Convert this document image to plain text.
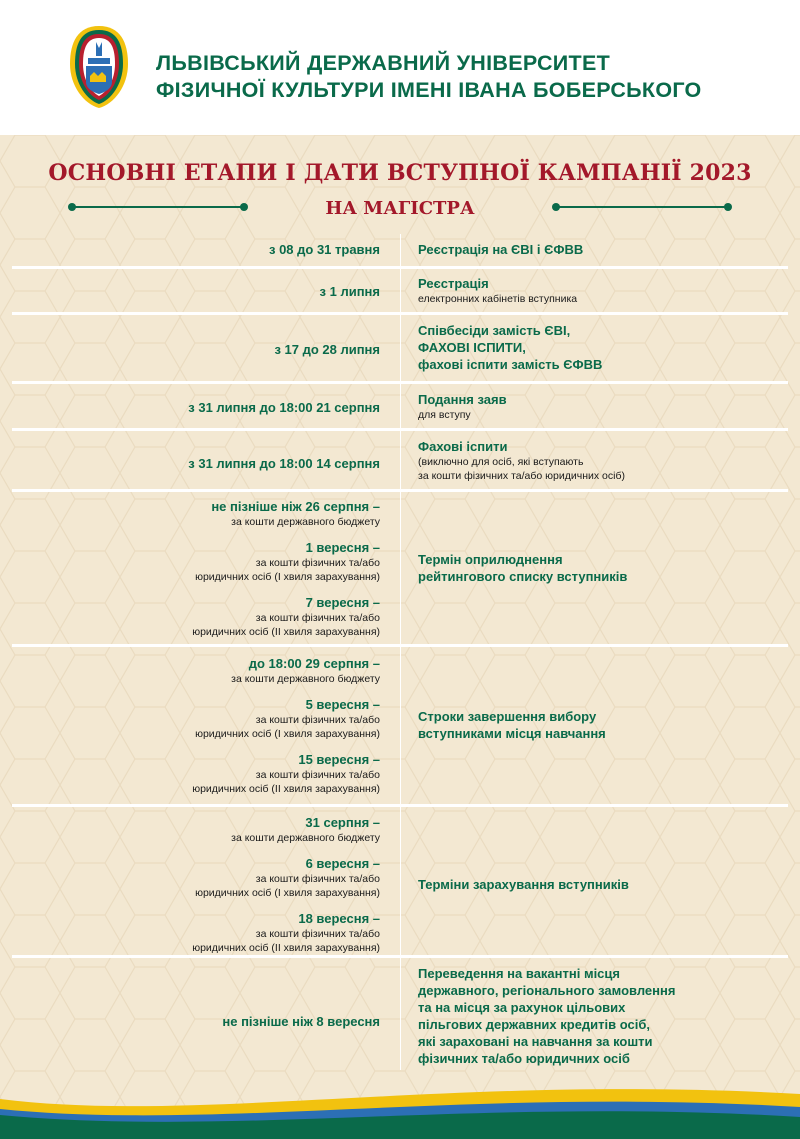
ЛЬВІВСЬКИЙ ДЕРЖАВНИЙ УНІВЕРСИТЕТ
ФІЗИЧНОЇ КУЛЬТУРИ ІМЕНІ ІВАНА БОБЕРСЬКОГО
ОСНОВНІ ЕТАПИ І ДАТИ ВСТУПНОЇ КАМПАНІЇ 2023
НА МАГІСТРА
з 08 до 31 травня	Реєстрація на ЄВІ і ЄФВВ
з 1 липня
Реєстрація
електронних кабінетів вступника
з 17 до 28 липня
Співбесіди замість ЄВІ,
ФАХОВІ ІСПИТИ,
фахові іспити замість ЄФВВ
з 31 липня до 18:00 21 серпня
Подання заяв
для вступу
з 31 липня до 18:00 14 серпня
Фахові іспити
(виключно для осіб, які вступають
за кошти фізичних та/або юридичних осіб)
не пізніше ніж 26 серпня –
за кошти державного бюджету
1 вересня –
за кошти фізичних та/або
юридичних осіб (І хвиля зарахування)
7 вересня –
за кошти фізичних та/або
юридичних осіб (ІІ хвиля зарахування)
Термін оприлюднення
рейтингового списку вступників
до 18:00 29 серпня –
за кошти державного бюджету
5 вересня –
за кошти фізичних та/або
юридичних осіб (І хвиля зарахування)
15 вересня –
за кошти фізичних та/або
юридичних осіб (ІІ хвиля зарахування)
Строки завершення вибору
вступниками місця навчання
31 серпня –
за кошти державного бюджету
6 вересня –
за кошти фізичних та/або
юридичних осіб (І хвиля зарахування)
18 вересня –
за кошти фізичних та/або
юридичних осіб (ІІ хвиля зарахування)
Терміни зарахування вступників
не пізніше ніж 8 вересня
Переведення на вакантні місця
державного, регіонального замовлення
та на місця за рахунок цільових
пільгових державних кредитів осіб,
які зараховані на навчання за кошти
фізичних та/або юридичних осіб
